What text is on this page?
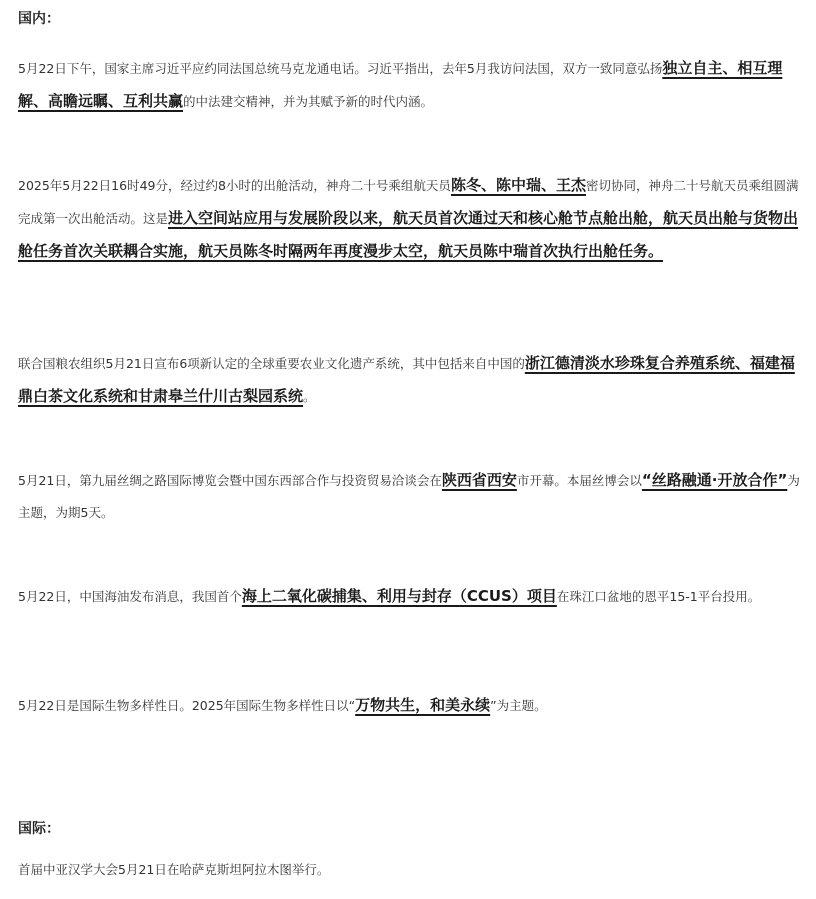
国内：

5月22日下午，国家主席习近平应约同法国总统马克龙通电话。习近平指出，去年5月我访问法国，双方一致同意弘扬独立自主、相互理解、高瞻远瞩、互利共赢的中法建交精神，并为其赋予新的时代内涵。

2025年5月22日16时49分，经过约8小时的出舱活动，神舟二十号乘组航天员陈冬、陈中瑞、王杰密切协同，神舟二十号航天员乘组圆满完成第一次出舱活动。这是进入空间站应用与发展阶段以来，航天员首次通过天和核心舱节点舱出舱，航天员出舱与货物出舱任务首次关联耦合实施，航天员陈冬时隔两年再度漫步太空，航天员陈中瑞首次执行出舱任务。

联合国粮农组织5月21日宣布6项新认定的全球重要农业文化遗产系统，其中包括来自中国的浙江德清淡水珍珠复合养殖系统、福建福鼎白茶文化系统和甘肃皋兰什川古梨园系统。

5月21日，第九届丝绸之路国际博览会暨中国东西部合作与投资贸易洽谈会在陕西省西安市开幕。本届丝博会以“丝路融通·开放合作”为主题，为期5天。

5月22日，中国海油发布消息，我国首个海上二氧化碳捕集、利用与封存（CCUS）项目在珠江口盆地的恩平15-1平台投用。

5月22日是国际生物多样性日。2025年国际生物多样性日以“万物共生，和美永续”为主题。

国际：

首届中亚汉学大会5月21日在哈萨克斯坦阿拉木图举行。
